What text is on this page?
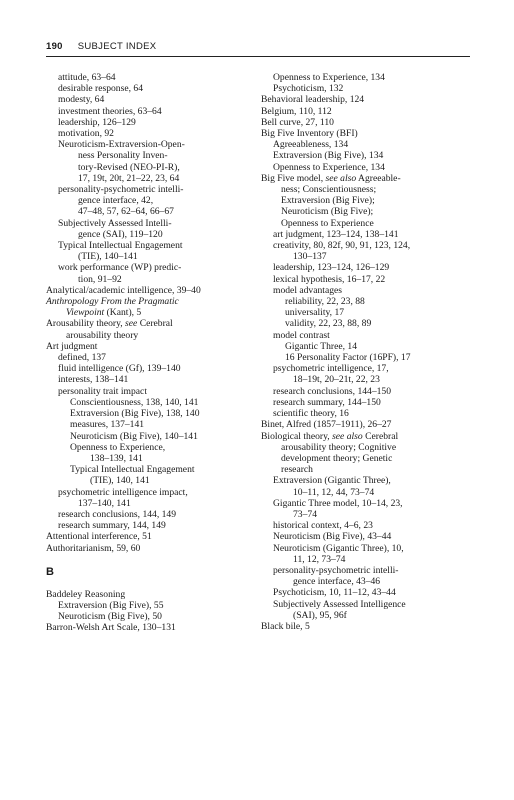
190 SUBJECT INDEX
attitude, 63–64
desirable response, 64
modesty, 64
investment theories, 63–64
leadership, 126–129
motivation, 92
Neuroticism-Extraversion-Open-
ness Personality Inven-
tory-Revised (NEO-PI-R),
17, 19t, 20t, 21–22, 23, 64
personality-psychometric intelli-
gence interface, 42,
47–48, 57, 62–64, 66–67
Subjectively Assessed Intelli-
gence (SAI), 119–120
Typical Intellectual Engagement
(TIE), 140–141
work performance (WP) predic-
tion, 91–92
Analytical/academic intelligence, 39–40
Anthropology From the Pragmatic
Viewpoint (Kant), 5
Arousability theory, see Cerebral
arousability theory
Art judgment
defined, 137
fluid intelligence (Gf), 139–140
interests, 138–141
personality trait impact
Conscientiousness, 138, 140, 141
Extraversion (Big Five), 138, 140
measures, 137–141
Neuroticism (Big Five), 140–141
Openness to Experience,
138–139, 141
Typical Intellectual Engagement
(TIE), 140, 141
psychometric intelligence impact,
137–140, 141
research conclusions, 144, 149
research summary, 144, 149
Attentional interference, 51
Authoritarianism, 59, 60
B
Baddeley Reasoning
Extraversion (Big Five), 55
Neuroticism (Big Five), 50
Barron-Welsh Art Scale, 130–131
Openness to Experience, 134
Psychoticism, 132
Behavioral leadership, 124
Belgium, 110, 112
Bell curve, 27, 110
Big Five Inventory (BFI)
Agreeableness, 134
Extraversion (Big Five), 134
Openness to Experience, 134
Big Five model, see also Agreeable-
ness; Conscientiousness;
Extraversion (Big Five);
Neuroticism (Big Five);
Openness to Experience
art judgment, 123–124, 138–141
creativity, 80, 82f, 90, 91, 123, 124,
130–137
leadership, 123–124, 126–129
lexical hypothesis, 16–17, 22
model advantages
reliability, 22, 23, 88
universality, 17
validity, 22, 23, 88, 89
model contrast
Gigantic Three, 14
16 Personality Factor (16PF), 17
psychometric intelligence, 17,
18–19t, 20–21t, 22, 23
research conclusions, 144–150
research summary, 144–150
scientific theory, 16
Binet, Alfred (1857–1911), 26–27
Biological theory, see also Cerebral
arousability theory; Cognitive
development theory; Genetic
research
Extraversion (Gigantic Three),
10–11, 12, 44, 73–74
Gigantic Three model, 10–14, 23,
73–74
historical context, 4–6, 23
Neuroticism (Big Five), 43–44
Neuroticism (Gigantic Three), 10,
11, 12, 73–74
personality-psychometric intelli-
gence interface, 43–46
Psychoticism, 10, 11–12, 43–44
Subjectively Assessed Intelligence
(SAI), 95, 96f
Black bile, 5
